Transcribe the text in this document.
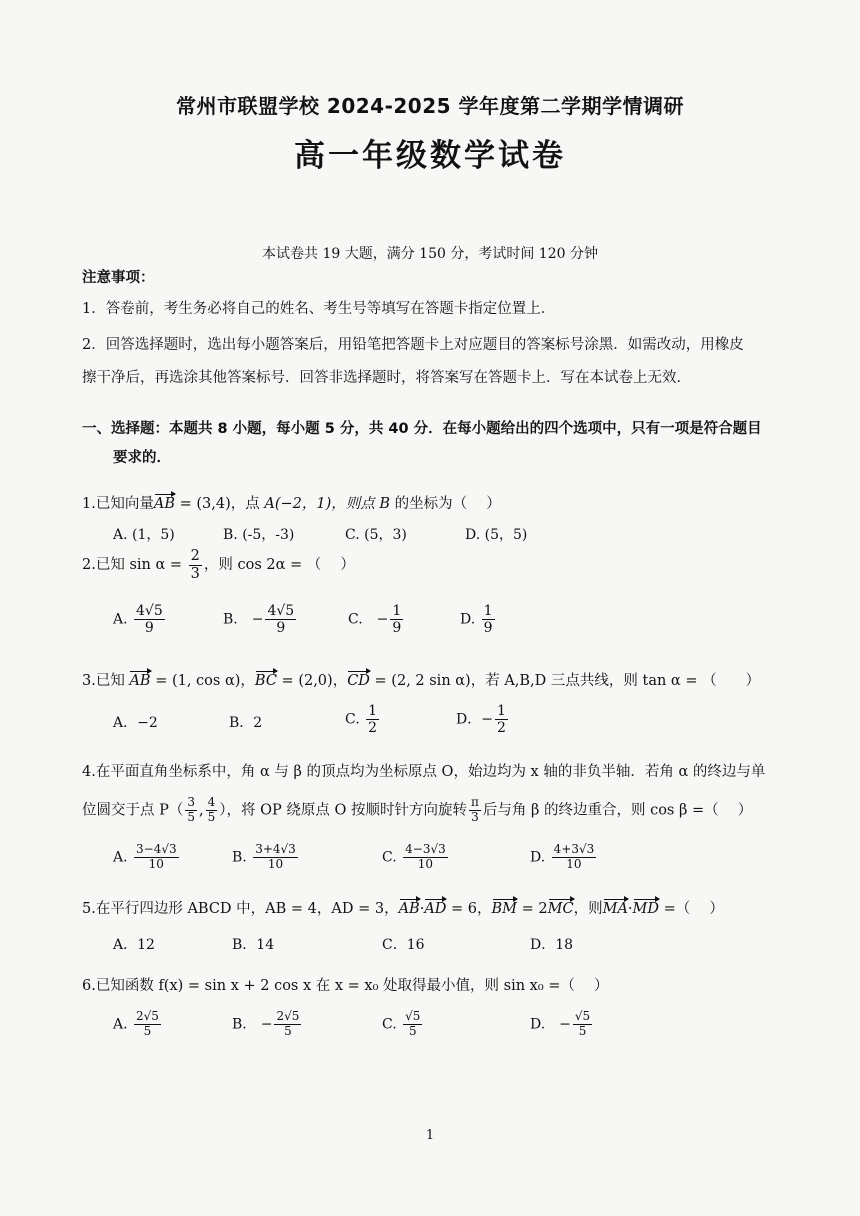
常州市联盟学校 2024-2025 学年度第二学期学情调研
高一年级数学试卷
本试卷共 19 大题，满分 150 分，考试时间 120 分钟
注意事项：
1．答卷前，考生务必将自己的姓名、考生号等填写在答题卡指定位置上．
2．回答选择题时，选出每小题答案后，用铅笔把答题卡上对应题目的答案标号涂黑．如需改动，用橡皮
擦干净后，再选涂其他答案标号．回答非选择题时，将答案写在答题卡上．写在本试卷上无效．
一、选择题：本题共 8 小题，每小题 5 分，共 40 分．在每小题给出的四个选项中，只有一项是符合题目
要求的．
1.已知向量AB = (3,4)，点 A(−2，1)，则点 B 的坐标为（　 ）
A. (1，5)	B. (-5，-3)	C. (5，3)	D. (5，5)
2.已知 $\sin \alpha = \frac{2}{3}$ ，则 cos 2α = （　 ）
A. $\frac{4√5}{9}$	B.　− $\frac{4√5}{9}$	C.　− $\frac{1}{9}$	D. $\frac{1}{9}$
3.已知 AB = (1, cos α)，BC = (2,0)，CD = (2, 2 sin α)，若 A,B,D 三点共线，则 tan α = （　　）
A．−2	B．2	C. $\frac{1}{2}$	D．− $\frac{1}{2}$
4.在平面直角坐标系中，角 α 与 β 的顶点均为坐标原点 O，始边均为 x 轴的非负半轴．若角 α 的终边与单
位圆交于点 $P( \frac{3}{5}$ , $\frac{4}{5}$ ），将 OP 绕原点 O 按顺时针方向旋转 $\frac{\pi}{3}$ 后与角 β 的终边重合，则 cos β =（　 ）
A. $\frac{3-4√3}{10}$	B. $\frac{3+4√3}{10}$	C. $\frac{4-3√3}{10}$	D. $\frac{4+3√3}{10}$
5.在平行四边形 ABCD 中，AB = 4，AD = 3，AB·AD = 6，BM = 2MC，则MA·MD =（　 ）
A．12	B．14	C．16	D．18
6.已知函数 f(x) = sin x + 2 cos x 在 x = x₀ 处取得最小值，则 sin x₀ =（　 ）
A. $\frac{2√5}{5}$	B.　− $\frac{2√5}{5}$	C. $\frac{√5}{5}$	D.　− $\frac{√5}{5}$
1
